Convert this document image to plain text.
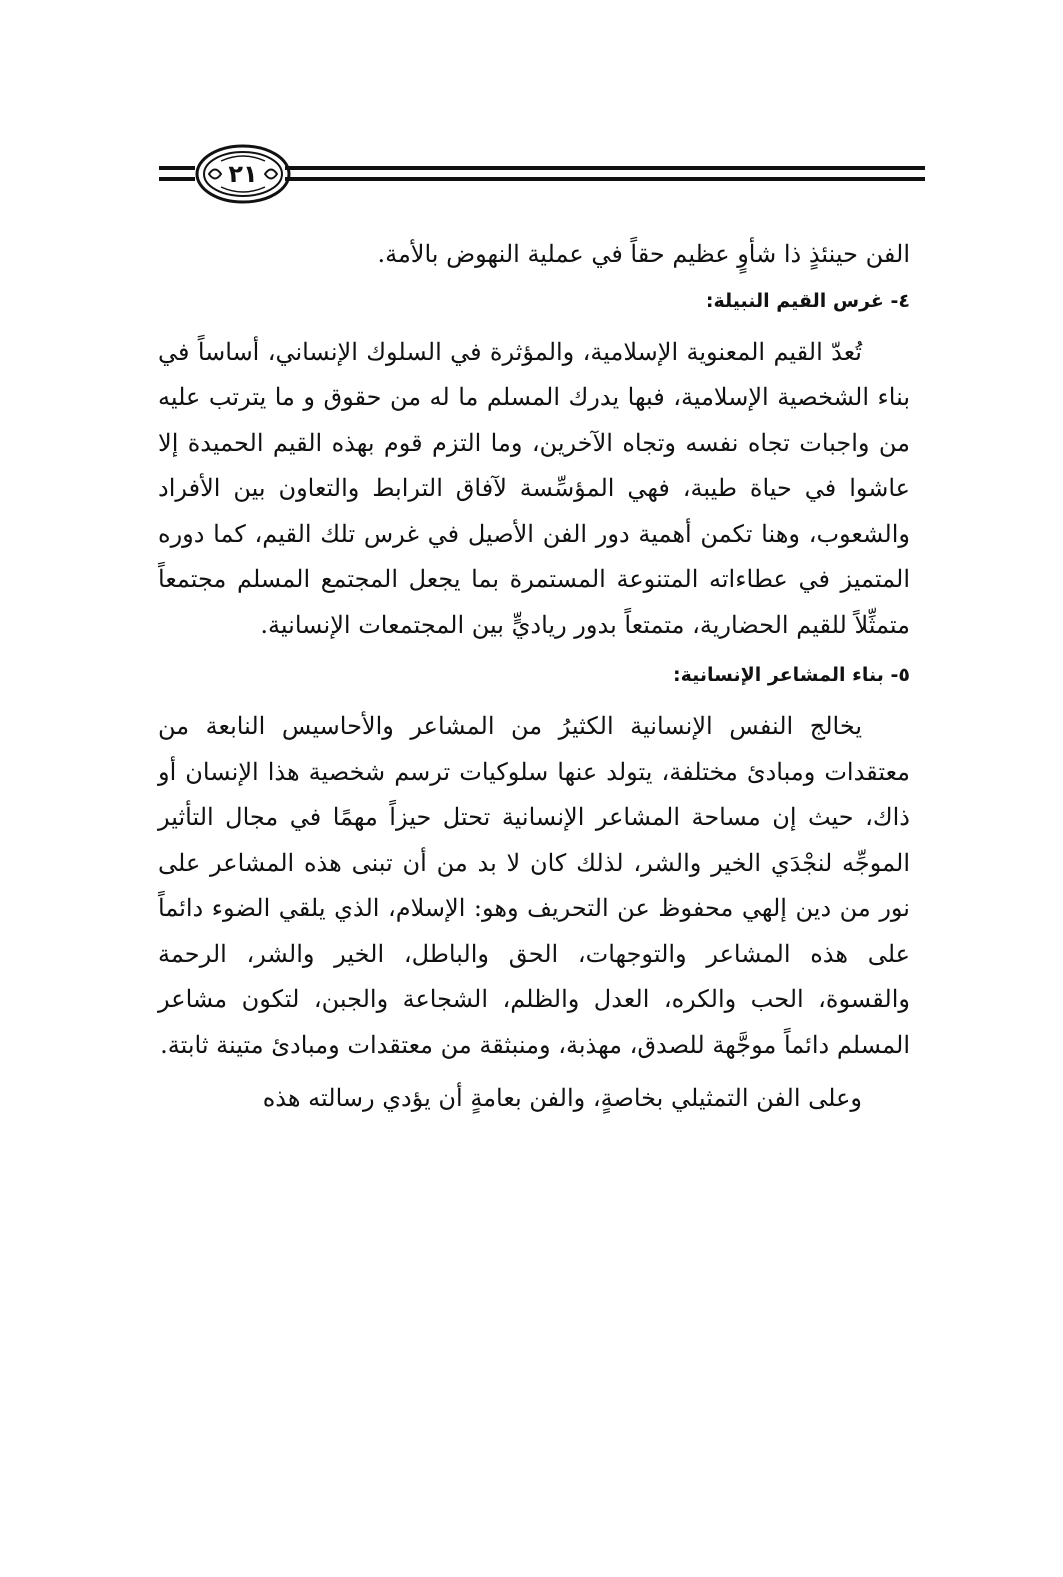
٢١

الفن حينئذٍ ذا شأوٍ عظيم حقاً في عملية النهوض بالأمة.

٤- غرس القيم النبيلة:

تُعدّ القيم المعنوية الإسلامية، والمؤثرة في السلوك الإنساني، أساساً في بناء الشخصية الإسلامية، فبها يدرك المسلم ما له من حقوق و ما يترتب عليه من واجبات تجاه نفسه وتجاه الآخرين، وما التزم قوم بهذه القيم الحميدة إلا عاشوا في حياة طيبة، فهي المؤسِّسة لآفاق الترابط والتعاون بين الأفراد والشعوب، وهنا تكمن أهمية دور الفن الأصيل في غرس تلك القيم، كما دوره المتميز في عطاءاته المتنوعة المستمرة بما يجعل المجتمع المسلم مجتمعاً متمثِّلاً للقيم الحضارية، متمتعاً بدور رياديٍّ بين المجتمعات الإنسانية.

٥- بناء المشاعر الإنسانية:

يخالج النفس الإنسانية الكثيرُ من المشاعر والأحاسيس النابعة من معتقدات ومبادئ مختلفة، يتولد عنها سلوكيات ترسم شخصية هذا الإنسان أو ذاك، حيث إن مساحة المشاعر الإنسانية تحتل حيزاً مهمًا في مجال التأثير الموجِّه لنجْدَي الخير والشر، لذلك كان لا بد من أن تبنى هذه المشاعر على نور من دين إلهي محفوظ عن التحريف وهو: الإسلام، الذي يلقي الضوء دائماً على هذه المشاعر والتوجهات، الحق والباطل، الخير والشر، الرحمة والقسوة، الحب والكره، العدل والظلم، الشجاعة والجبن، لتكون مشاعر المسلم دائماً موجَّهة للصدق، مهذبة، ومنبثقة من معتقدات ومبادئ متينة ثابتة.

وعلى الفن التمثيلي بخاصةٍ، والفن بعامةٍ أن يؤدي رسالته هذه
